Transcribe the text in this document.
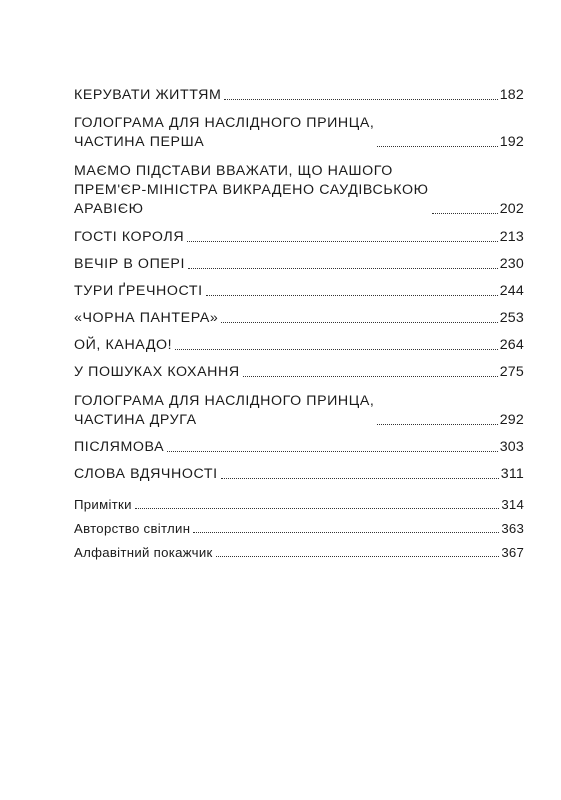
КЕРУВАТИ ЖИТТЯМ	182
ГОЛОГРАМА ДЛЯ НАСЛІДНОГО ПРИНЦА,
ЧАСТИНА ПЕРША	192
МАЄМО ПІДСТАВИ ВВАЖАТИ, ЩО НАШОГО
ПРЕМ'ЄР-МІНІСТРА ВИКРАДЕНО САУДІВСЬКОЮ
АРАВІЄЮ	202
ГОСТІ КОРОЛЯ	213
ВЕЧІР В ОПЕРІ	230
ТУРИ ҐРЕЧНОСТІ	244
«ЧОРНА ПАНТЕРА»	253
ОЙ, КАНАДО!	264
У ПОШУКАХ КОХАННЯ	275
ГОЛОГРАМА ДЛЯ НАСЛІДНОГО ПРИНЦА,
ЧАСТИНА ДРУГА	292
ПІСЛЯМОВА	303
СЛОВА ВДЯЧНОСТІ	311
Примітки	314
Авторство світлин	363
Алфавітний покажчик	367
